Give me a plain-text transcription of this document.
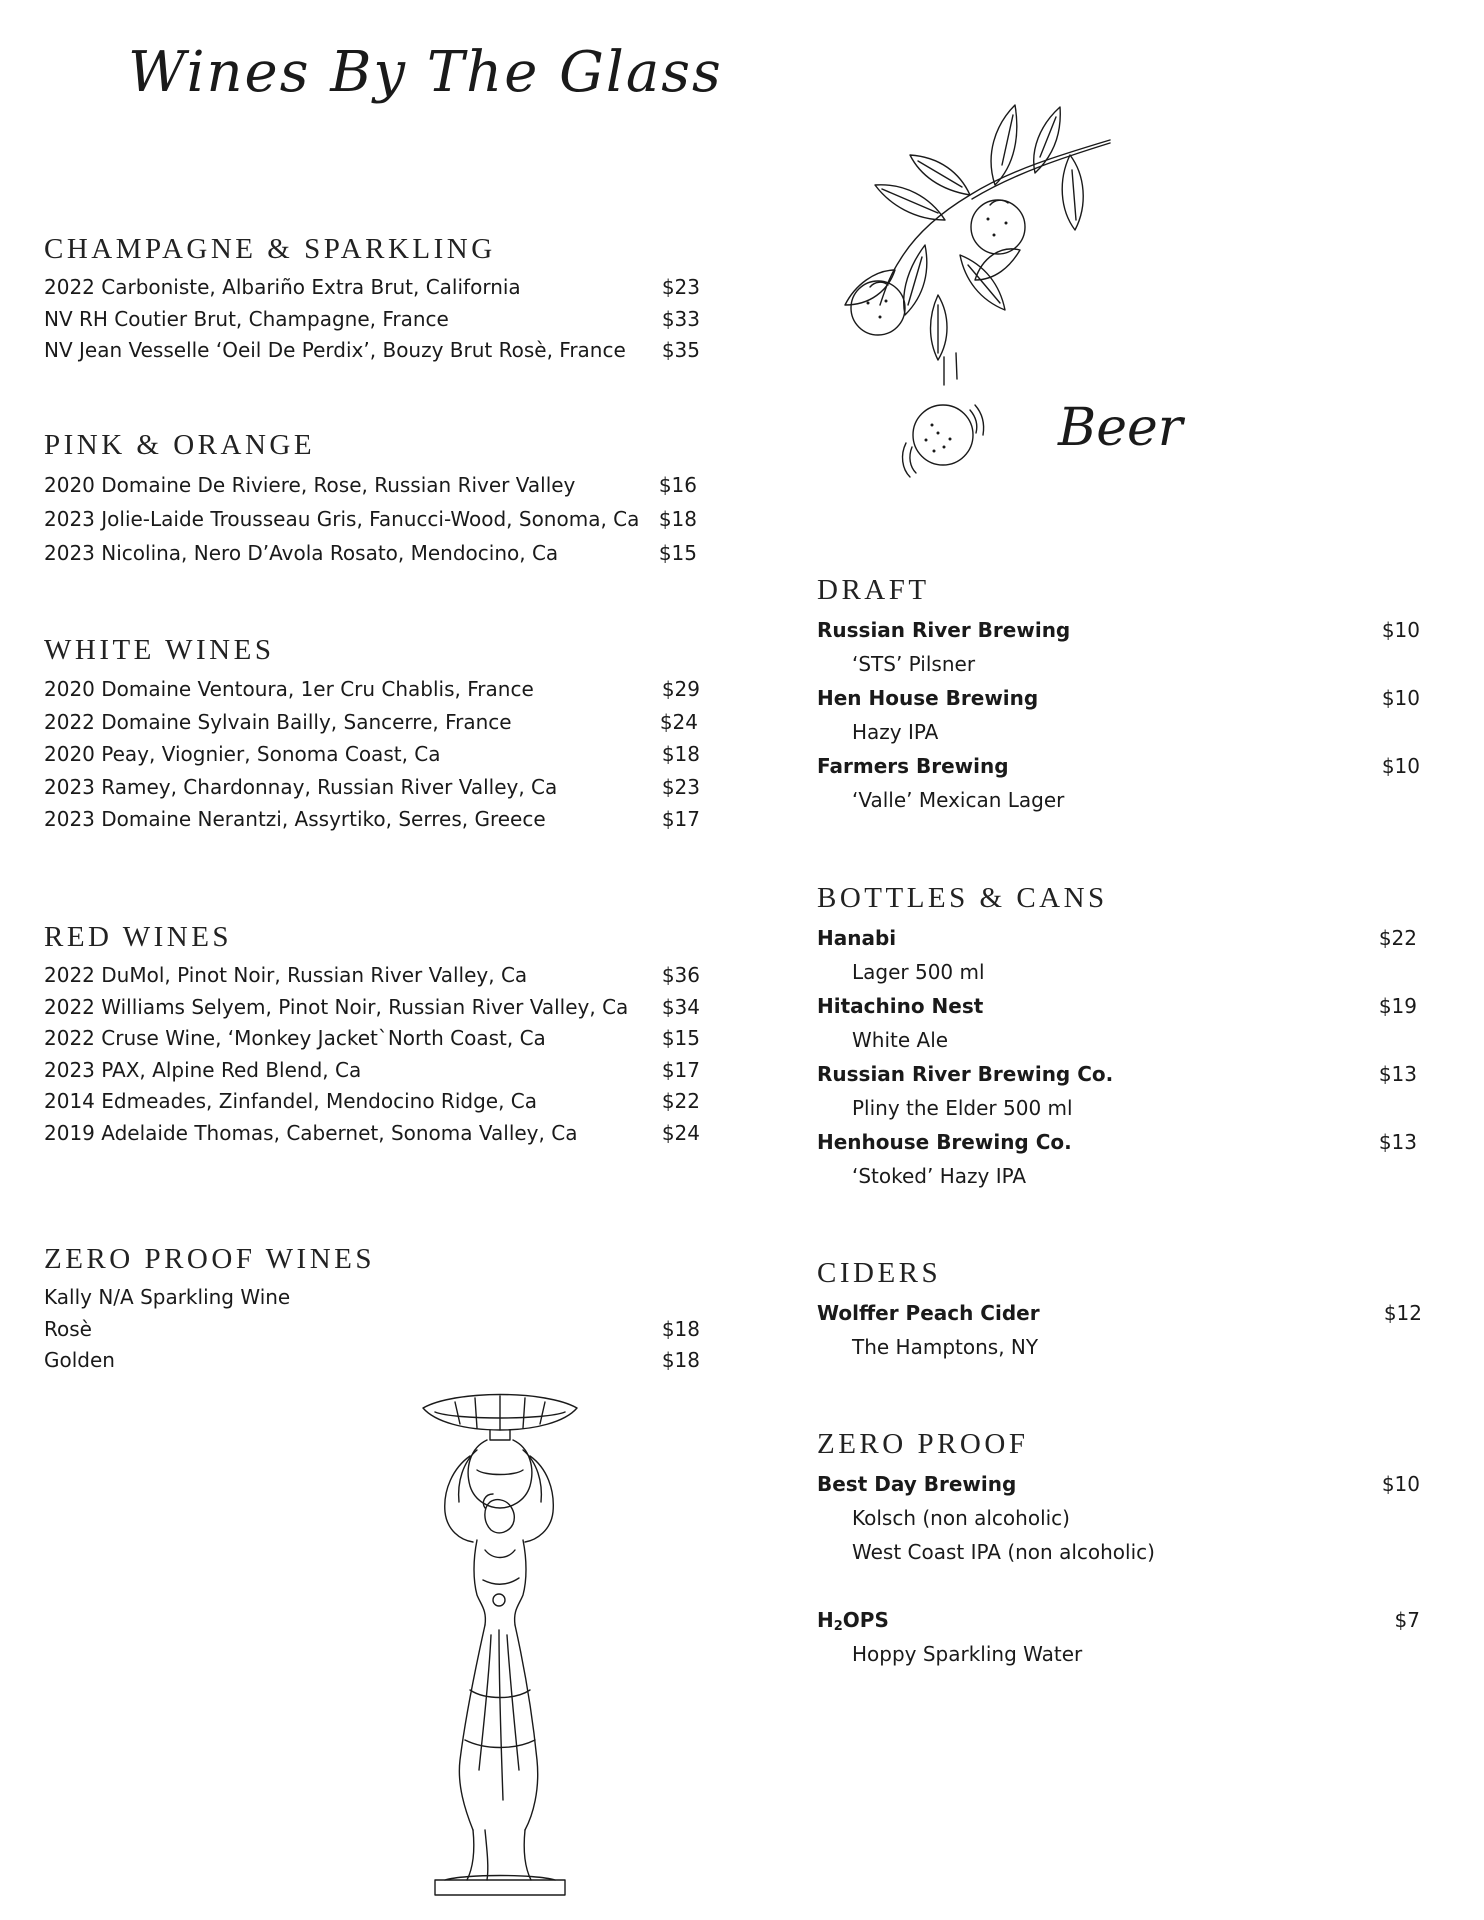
Wines By The Glass
CHAMPAGNE & SPARKLING
2022 Carboniste, Albariño Extra Brut, California	$23
NV RH Coutier Brut, Champagne, France	$33
NV Jean Vesselle ‘Oeil De Perdix’, Bouzy Brut Rosè, France $35
PINK & ORANGE
2020 Domaine De Riviere, Rose, Russian River Valley	$16
2023 Jolie-Laide Trousseau Gris, Fanucci-Wood, Sonoma, Ca $18
2023 Nicolina, Nero D’Avola Rosato, Mendocino, Ca	$15
WHITE WINES
2020 Domaine Ventoura, 1er Cru Chablis, France	$29
2022 Domaine Sylvain Bailly, Sancerre, France	$24
2020 Peay, Viognier, Sonoma Coast, Ca	$18
2023 Ramey, Chardonnay, Russian River Valley, Ca	$23
2023 Domaine Nerantzi, Assyrtiko, Serres, Greece	$17
RED WINES
2022 DuMol, Pinot Noir, Russian River Valley, Ca	$36
2022 Williams Selyem, Pinot Noir, Russian River Valley, Ca $34
2022 Cruse Wine, ‘Monkey Jacket`North Coast, Ca	$15
2023 PAX, Alpine Red Blend, Ca	$17
2014 Edmeades, Zinfandel, Mendocino Ridge, Ca	$22
2019 Adelaide Thomas, Cabernet, Sonoma Valley, Ca	$24
ZERO PROOF WINES
Kally N/A Sparkling Wine
Rosè	$18
Golden	$18
Beer
DRAFT
Russian River Brewing	$10
‘STS’ Pilsner
Hen House Brewing	$10
Hazy IPA
Farmers Brewing	$10
‘Valle’ Mexican Lager
BOTTLES & CANS
Hanabi	$22
Lager 500 ml
Hitachino Nest	$19
White Ale
Russian River Brewing Co.	$13
Pliny the Elder 500 ml
Henhouse Brewing Co.	$13
‘Stoked’ Hazy IPA
CIDERS
Wolffer Peach Cider	$12
The Hamptons, NY
ZERO PROOF
Best Day Brewing	$10
Kolsch (non alcoholic)
West Coast IPA (non alcoholic)
H2OPS	$7
Hoppy Sparkling Water
